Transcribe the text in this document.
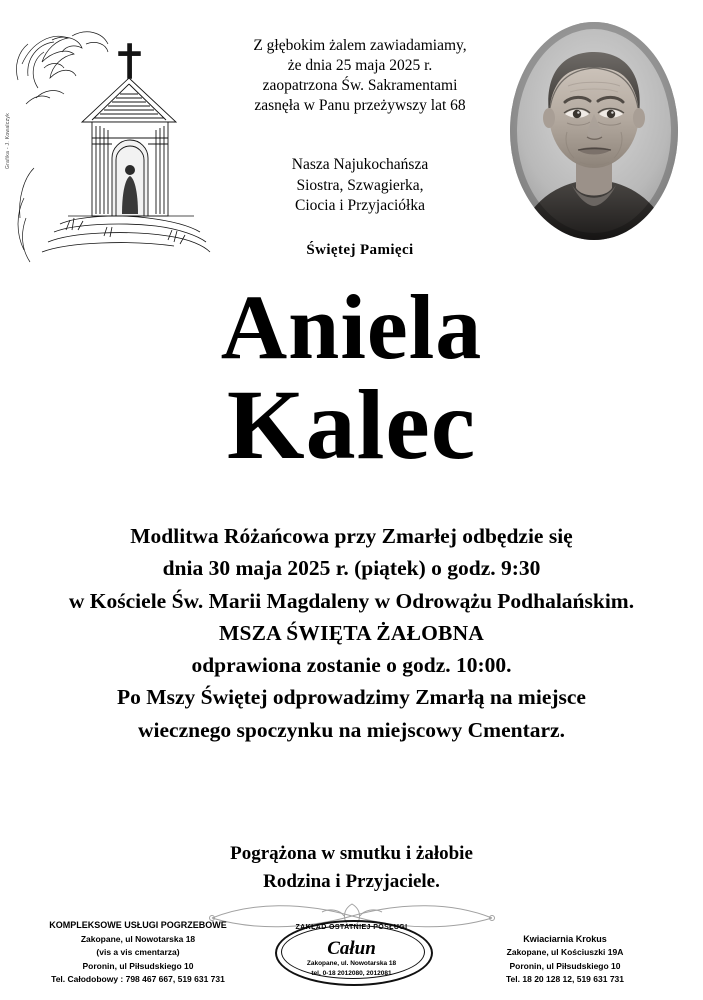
Grafika - J. Kowalczyk
Z głębokim żalem zawiadamiamy,
że dnia 25 maja 2025 r.
zaopatrzona Św. Sakramentami
zasnęła w Panu przeżywszy lat 68
Nasza Najukochańsza
Siostra, Szwagierka,
Ciocia i Przyjaciółka
Świętej Pamięci
Aniela
Kalec
Modlitwa Różańcowa przy Zmarłej odbędzie się
dnia 30 maja 2025 r. (piątek) o godz. 9:30
w Kościele Św. Marii Magdaleny w Odrowążu Podhalańskim.
MSZA ŚWIĘTA ŻAŁOBNA
odprawiona zostanie o godz. 10:00.
Po Mszy Świętej odprowadzimy Zmarłą na miejsce
wiecznego spoczynku na miejscowy Cmentarz.
Pogrążona w smutku i żałobie
Rodzina i Przyjaciele.
KOMPLEKSOWE USŁUGI POGRZEBOWE
Zakopane, ul Nowotarska 18
(vis a vis cmentarza)
Poronin, ul Piłsudskiego 10
Tel. Całodobowy : 798 467 667, 519 631 731
ZAKŁAD OSTATNIEJ POSŁUGI
Całun
Zakopane, ul. Nowotarska 18
tel. 0-18 2012080, 2012081
Kwiaciarnia Krokus
Zakopane, ul Kościuszki 19A
Poronin, ul Piłsudskiego 10
Tel. 18 20 128 12, 519 631 731
